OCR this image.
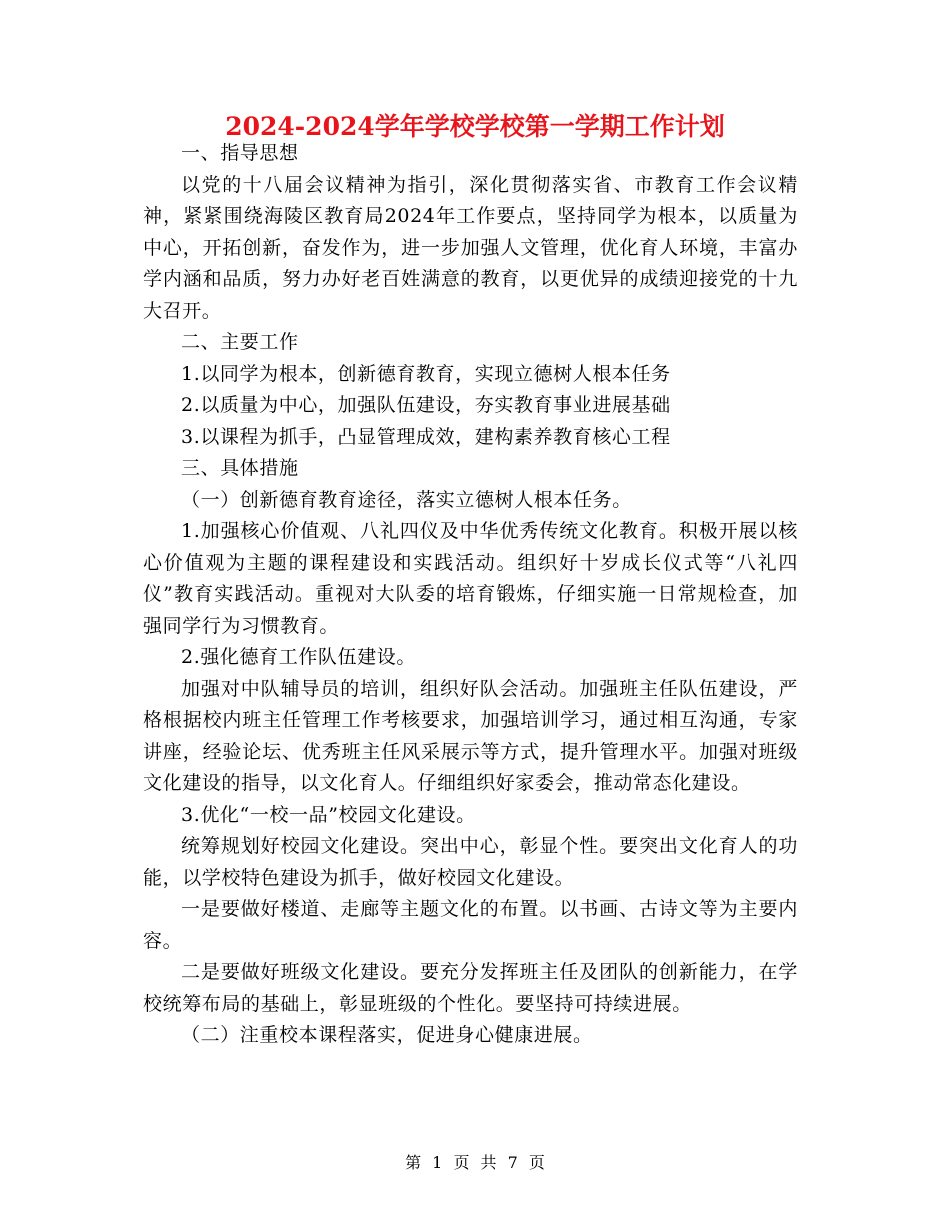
2024-2024学年学校学校第一学期工作计划

一、指导思想

以党的十八届会议精神为指引，深化贯彻落实省、市教育工作会议精神，紧紧围绕海陵区教育局2024年工作要点，坚持同学为根本，以质量为中心，开拓创新，奋发作为，进一步加强人文管理，优化育人环境，丰富办学内涵和品质，努力办好老百姓满意的教育，以更优异的成绩迎接党的十九大召开。

二、主要工作

1.以同学为根本，创新德育教育，实现立德树人根本任务

2.以质量为中心，加强队伍建设，夯实教育事业进展基础

3.以课程为抓手，凸显管理成效，建构素养教育核心工程

三、具体措施

（一）创新德育教育途径，落实立德树人根本任务。

1.加强核心价值观、八礼四仪及中华优秀传统文化教育。积极开展以核心价值观为主题的课程建设和实践活动。组织好十岁成长仪式等“八礼四仪”教育实践活动。重视对大队委的培育锻炼，仔细实施一日常规检查，加强同学行为习惯教育。

2.强化德育工作队伍建设。

加强对中队辅导员的培训，组织好队会活动。加强班主任队伍建设，严格根据校内班主任管理工作考核要求，加强培训学习，通过相互沟通，专家讲座，经验论坛、优秀班主任风采展示等方式，提升管理水平。加强对班级文化建设的指导，以文化育人。仔细组织好家委会，推动常态化建设。

3.优化“一校一品”校园文化建设。

统筹规划好校园文化建设。突出中心，彰显个性。要突出文化育人的功能，以学校特色建设为抓手，做好校园文化建设。

一是要做好楼道、走廊等主题文化的布置。以书画、古诗文等为主要内容。

二是要做好班级文化建设。要充分发挥班主任及团队的创新能力，在学校统筹布局的基础上，彰显班级的个性化。要坚持可持续进展。

（二）注重校本课程落实，促进身心健康进展。

第 1 页 共 7 页
